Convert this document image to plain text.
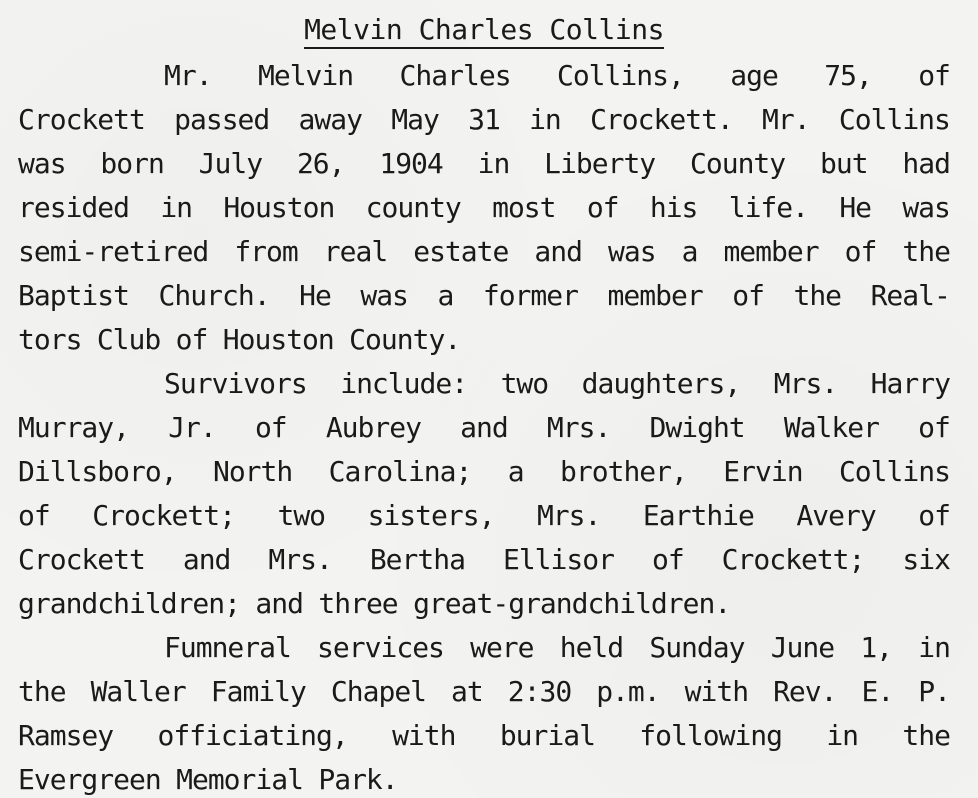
Melvin Charles Collins
Mr. Melvin Charles Collins, age 75, of
Crockett passed away May 31 in Crockett. Mr. Collins
was born July 26, 1904 in Liberty County but had
resided in Houston county most of his life. He was
semi-retired from real estate and was a member of the
Baptist Church. He was a former member of the Real-
tors Club of Houston County.
Survivors include: two daughters, Mrs. Harry
Murray, Jr. of Aubrey and Mrs. Dwight Walker of
Dillsboro, North Carolina; a brother, Ervin Collins
of Crockett; two sisters, Mrs. Earthie Avery of
Crockett and Mrs. Bertha Ellisor of Crockett; six
grandchildren; and three great-grandchildren.
Fumneral services were held Sunday June 1, in
the Waller Family Chapel at 2:30 p.m. with Rev. E. P.
Ramsey officiating, with burial following in the
Evergreen Memorial Park.
